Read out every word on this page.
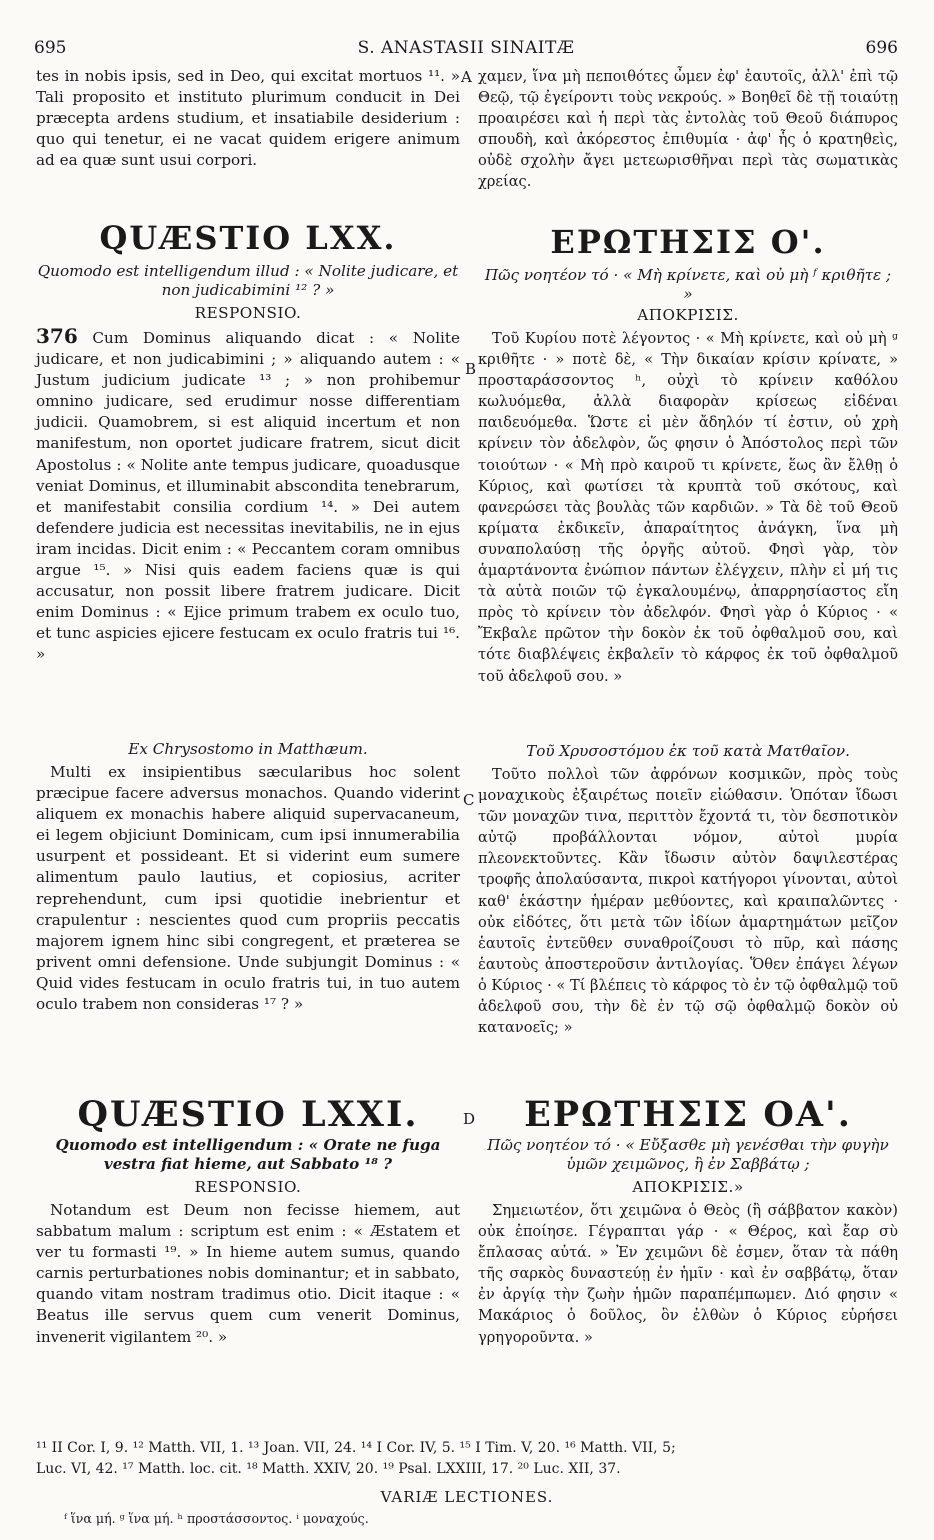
695	S. ANASTASII SINAITÆ	696
A
B
C
D

tes in nobis ipsis, sed in Deo, qui excitat mortuos ¹¹. » Tali proposito et instituto plurimum conducit in Dei præcepta ardens studium, et insatiabile desiderium : quo qui tenetur, ei ne vacat quidem erigere animum ad ea quæ sunt usui corpori.

QUÆSTIO LXX.

Quomodo est intelligendum illud : « Nolite judicare, et non judicabimini ¹² ? »

RESPONSIO.

376 Cum Dominus aliquando dicat : « Nolite judicare, et non judicabimini ; » aliquando autem : « Justum judicium judicate ¹³ ; » non prohibemur omnino judicare, sed erudimur nosse differentiam judicii. Quamobrem, si est aliquid incertum et non manifestum, non oportet judicare fratrem, sicut dicit Apostolus : « Nolite ante tempus judicare, quoadusque veniat Dominus, et illuminabit abscondita tenebrarum, et manifestabit consilia cordium ¹⁴. » Dei autem defendere judicia est necessitas inevitabilis, ne in ejus iram incidas. Dicit enim : « Peccantem coram omnibus argue ¹⁵. » Nisi quis eadem faciens quæ is qui accusatur, non possit libere fratrem judicare. Dicit enim Dominus : « Ejice primum trabem ex oculo tuo, et tunc aspicies ejicere festucam ex oculo fratris tui ¹⁶. »

Ex Chrysostomo in Matthæum.

Multi ex insipientibus sæcularibus hoc solent præcipue facere adversus monachos. Quando viderint aliquem ex monachis habere aliquid supervacaneum, ei legem objiciunt Dominicam, cum ipsi innumerabilia usurpent et possideant. Et si viderint eum sumere alimentum paulo lautius, et copiosius, acriter reprehendunt, cum ipsi quotidie inebrientur et crapulentur : nescientes quod cum propriis peccatis majorem ignem hinc sibi congregent, et præterea se privent omni defensione. Unde subjungit Dominus : « Quid vides festucam in oculo fratris tui, in tuo autem oculo trabem non consideras ¹⁷ ? »

QUÆSTIO LXXI.

Quomodo est intelligendum : « Orate ne fuga vestra fiat hieme, aut Sabbato ¹⁸ ?

RESPONSIO.

Notandum est Deum non fecisse hiemem, aut sabbatum malum : scriptum est enim : « Æstatem et ver tu formasti ¹⁹. » In hieme autem sumus, quando carnis perturbationes nobis dominantur; et in sabbato, quando vitam nostram tradimus otio. Dicit itaque : « Beatus ille servus quem cum venerit Dominus, invenerit vigilantem ²⁰. »

χαμεν, ἵνα μὴ πεποιθότες ὦμεν ἐφ' ἑαυτοῖς, ἀλλ' ἐπὶ τῷ Θεῷ, τῷ ἐγείροντι τοὺς νεκρούς. » Βοηθεῖ δὲ τῇ τοιαύτῃ προαιρέσει καὶ ἡ περὶ τὰς ἐντολὰς τοῦ Θεοῦ διάπυρος σπουδὴ, καὶ ἀκόρεστος ἐπιθυμία · ἀφ' ἧς ὁ κρατηθεὶς, οὐδὲ σχολὴν ἄγει μετεωρισθῆναι περὶ τὰς σωματικὰς χρείας.

ΕΡΩΤΗΣΙΣ Ο'.

Πῶς νοητέον τό · « Μὴ κρίνετε, καὶ οὐ μὴ ᶠ κριθῆτε ; »

ΑΠΟΚΡΙΣΙΣ.

Τοῦ Κυρίου ποτὲ λέγοντος · « Μὴ κρίνετε, καὶ οὐ μὴ ᵍ κριθῆτε · » ποτὲ δὲ, « Τὴν δικαίαν κρίσιν κρίνατε, » προσταράσσοντος ʰ, οὐχὶ τὸ κρίνειν καθόλου κωλυόμεθα, ἀλλὰ διαφορὰν κρίσεως εἰδέναι παιδευόμεθα. Ὥστε εἰ μὲν ἄδηλόν τί ἐστιν, οὐ χρὴ κρίνειν τὸν ἀδελφὸν, ὥς φησιν ὁ Ἀπόστολος περὶ τῶν τοιούτων · « Μὴ πρὸ καιροῦ τι κρίνετε, ἕως ἂν ἔλθῃ ὁ Κύριος, καὶ φωτίσει τὰ κρυπτὰ τοῦ σκότους, καὶ φανερώσει τὰς βουλὰς τῶν καρδιῶν. » Τὰ δὲ τοῦ Θεοῦ κρίματα ἐκδικεῖν, ἀπαραίτητος ἀνάγκη, ἵνα μὴ συναπολαύσῃ τῆς ὀργῆς αὐτοῦ. Φησὶ γὰρ, τὸν ἁμαρτάνοντα ἐνώπιον πάντων ἐλέγχειν, πλὴν εἰ μή τις τὰ αὐτὰ ποιῶν τῷ ἐγκαλουμένῳ, ἀπαρρησίαστος εἴη πρὸς τὸ κρίνειν τὸν ἀδελφόν. Φησὶ γὰρ ὁ Κύριος · « Ἔκβαλε πρῶτον τὴν δοκὸν ἐκ τοῦ ὀφθαλμοῦ σου, καὶ τότε διαβλέψεις ἐκβαλεῖν τὸ κάρφος ἐκ τοῦ ὀφθαλμοῦ τοῦ ἀδελφοῦ σου. »

Τοῦ Χρυσοστόμου ἐκ τοῦ κατὰ Ματθαῖον.

Τοῦτο πολλοὶ τῶν ἀφρόνων κοσμικῶν, πρὸς τοὺς μοναχικοὺς ἐξαιρέτως ποιεῖν εἰώθασιν. Ὁπόταν ἴδωσι τῶν μοναχῶν τινα, περιττὸν ἔχοντά τι, τὸν δεσποτικὸν αὐτῷ προβάλλονται νόμον, αὐτοὶ μυρία πλεονεκτοῦντες. Κἂν ἴδωσιν αὐτὸν δαψιλεστέρας τροφῆς ἀπολαύσαντα, πικροὶ κατήγοροι γίνονται, αὐτοὶ καθ' ἑκάστην ἡμέραν μεθύοντες, καὶ κραιπαλῶντες · οὐκ εἰδότες, ὅτι μετὰ τῶν ἰδίων ἁμαρτημάτων μεῖζον ἑαυτοῖς ἐντεῦθεν συναθροίζουσι τὸ πῦρ, καὶ πάσης ἑαυτοὺς ἀποστεροῦσιν ἀντιλογίας. Ὅθεν ἐπάγει λέγων ὁ Κύριος · « Τί βλέπεις τὸ κάρφος τὸ ἐν τῷ ὀφθαλμῷ τοῦ ἀδελφοῦ σου, τὴν δὲ ἐν τῷ σῷ ὀφθαλμῷ δοκὸν οὐ κατανοεῖς; »

ΕΡΩΤΗΣΙΣ ΟΑ'.

Πῶς νοητέον τό · « Εὔξασθε μὴ γενέσθαι τὴν φυγὴν ὑμῶν χειμῶνος, ἢ ἐν Σαββάτῳ ;

ΑΠΟΚΡΙΣΙΣ.»

Σημειωτέον, ὅτι χειμῶνα ὁ Θεὸς (ἢ σάββατον κακὸν) οὐκ ἐποίησε. Γέγραπται γάρ · « Θέρος, καὶ ἔαρ σὺ ἔπλασας αὐτά. » Ἐν χειμῶνι δὲ ἐσμεν, ὅταν τὰ πάθη τῆς σαρκὸς δυναστεύῃ ἐν ἡμῖν · καὶ ἐν σαββάτῳ, ὅταν ἐν ἀργίᾳ τὴν ζωὴν ἡμῶν παραπέμπωμεν. Διό φησιν « Μακάριος ὁ δοῦλος, ὃν ἐλθὼν ὁ Κύριος εὑρήσει γρηγοροῦντα. »

¹¹ II Cor. I, 9. ¹² Matth. VII, 1. ¹³ Joan. VII, 24. ¹⁴ I Cor. IV, 5. ¹⁵ I Tim. V, 20. ¹⁶ Matth. VII, 5;
Luc. VI, 42. ¹⁷ Matth. loc. cit. ¹⁸ Matth. XXIV, 20. ¹⁹ Psal. LXXIII, 17. ²⁰ Luc. XII, 37.
VARIÆ LECTIONES.
ᶠ ἵνα μή. ᵍ ἵνα μή. ʰ προστάσσοντος. ⁱ μοναχούς.
